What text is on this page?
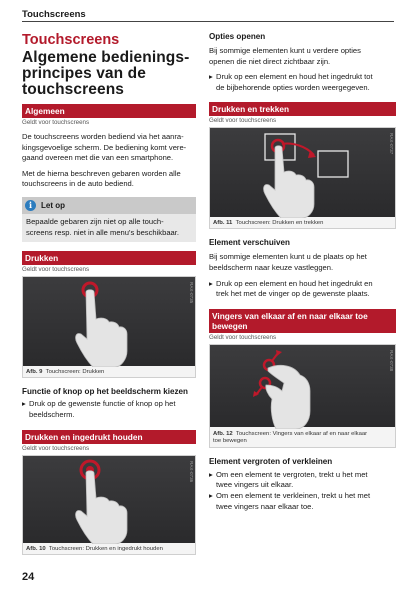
Touchscreens
Touchscreens
Algemene bedienings-
principes van de
touchscreens
Algemeen
Geldt voor touchscreens

De touchscreens worden bediend via het aanra-
kingsgevoelige scherm. De bediening komt vere-
gaand overeen met die van een smartphone.

Met de hierna beschreven gebaren worden alle
touchscreens in de auto bediend.

i	Let op
Bepaalde gebaren zijn niet op alle touch-
screens resp. niet in alle menu's beschikbaar.
Drukken
Geldt voor touchscreens
RAX-0735
Afb. 9 Touchscreen: Drukken
Functie of knop op het beeldscherm kiezen
▸ Druk op de gewenste functie of knop op het
beeldscherm.
Drukken en ingedrukt houden
Geldt voor touchscreens
RAX-0736
Afb. 10 Touchscreen: Drukken en ingedrukt houden
Opties openen

Bij sommige elementen kunt u verdere opties
openen die niet direct zichtbaar zijn.

▸ Druk op een element en houd het ingedrukt tot
de bijbehorende opties worden weergegeven.
Drukken en trekken
Geldt voor touchscreens
RAX-0737
Afb. 11 Touchscreen: Drukken en trekken
Element verschuiven

Bij sommige elementen kunt u de plaats op het
beeldscherm naar keuze vastleggen.

▸ Druk op een element en houd het ingedrukt en
trek het met de vinger op de gewenste plaats.
Vingers van elkaar af en naar elkaar toe
bewegen
Geldt voor touchscreens
RAX-0738
Afb. 12 Touchscreen: Vingers van elkaar af en naar elkaar
toe bewegen
Element vergroten of verkleinen
▸ Om een element te vergroten, trekt u het met
twee vingers uit elkaar.
▸ Om een element te verkleinen, trekt u het met
twee vingers naar elkaar toe.
24
